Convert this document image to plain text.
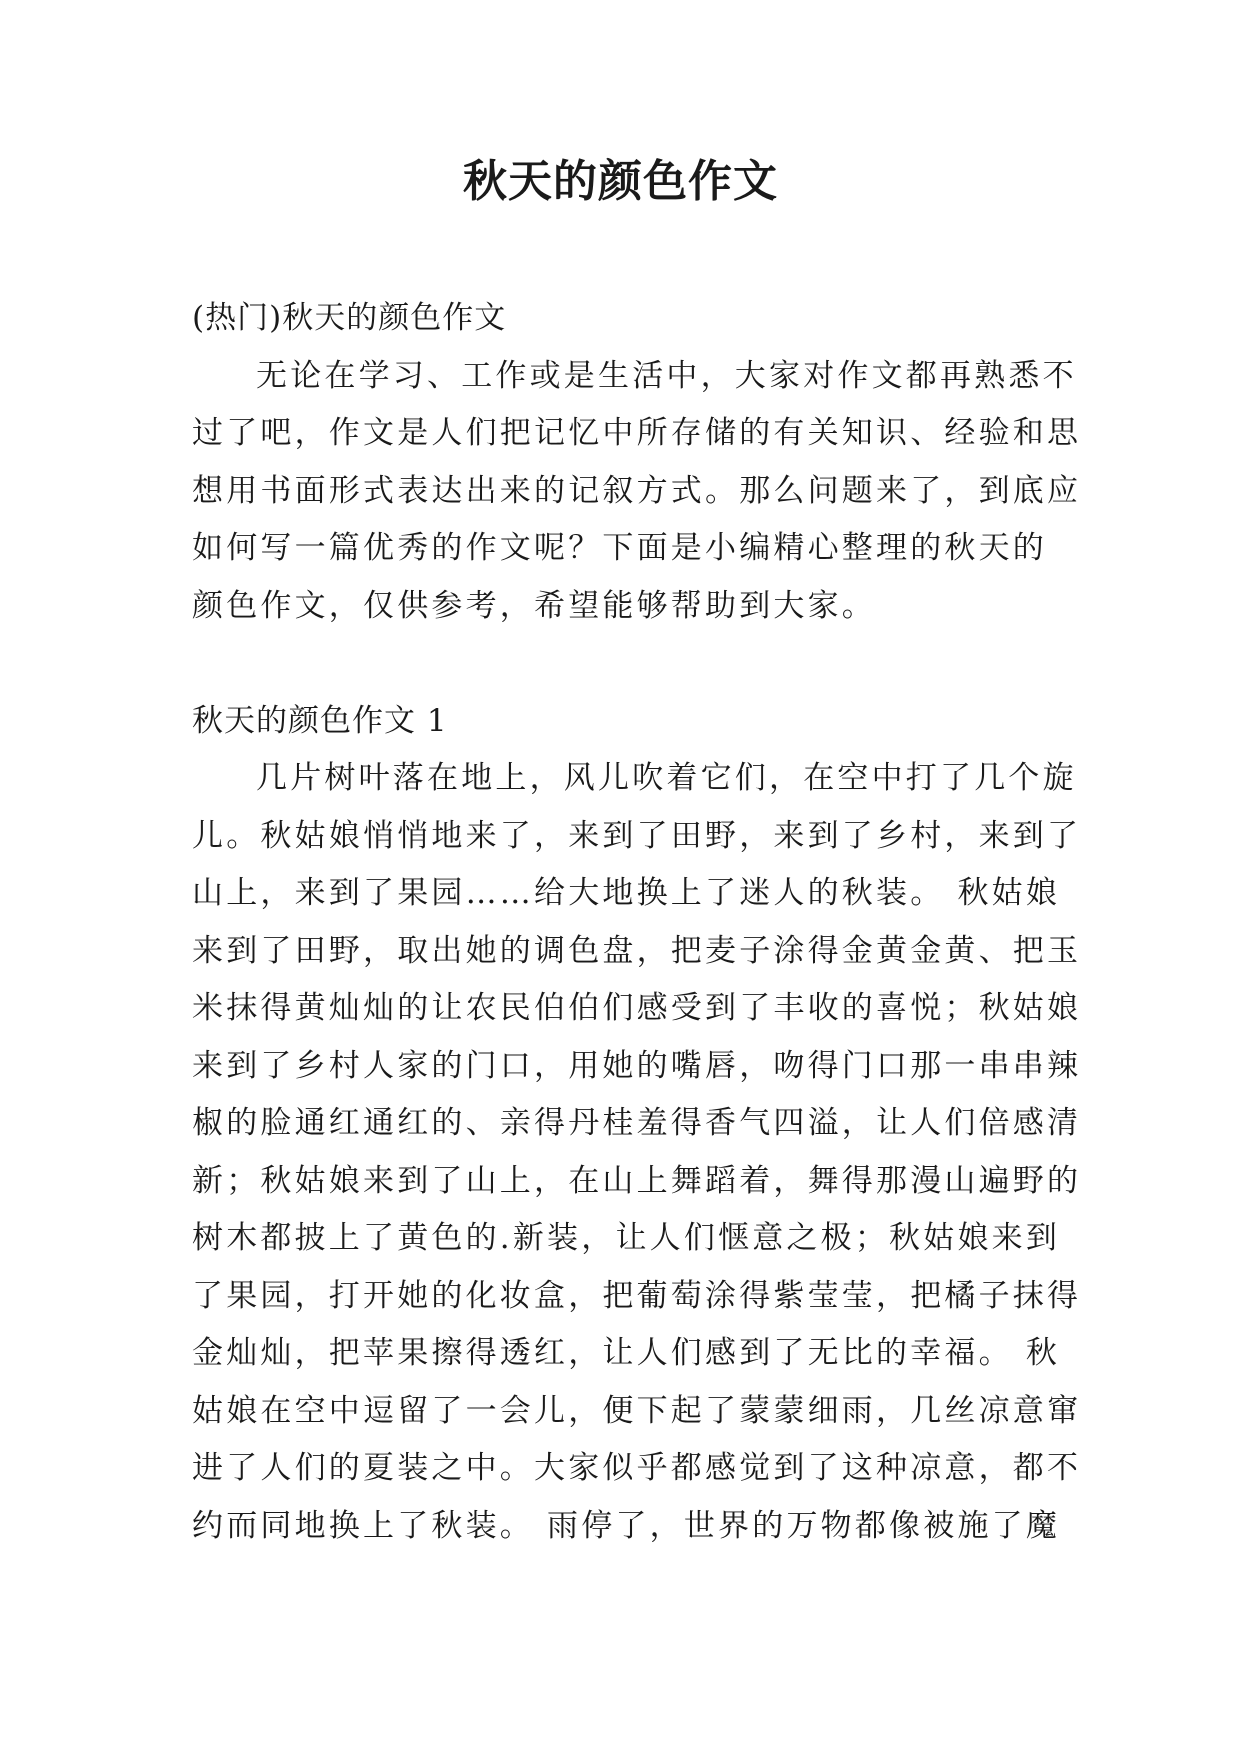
秋天的颜色作文
(热门)秋天的颜色作文
无论在学习、工作或是生活中，大家对作文都再熟悉不
过了吧，作文是人们把记忆中所存储的有关知识、经验和思
想用书面形式表达出来的记叙方式。那么问题来了，到底应
如何写一篇优秀的作文呢？下面是小编精心整理的秋天的
颜色作文，仅供参考，希望能够帮助到大家。
秋天的颜色作文 1
几片树叶落在地上，风儿吹着它们，在空中打了几个旋
儿。秋姑娘悄悄地来了，来到了田野，来到了乡村，来到了
山上，来到了果园……给大地换上了迷人的秋装。 秋姑娘
来到了田野，取出她的调色盘，把麦子涂得金黄金黄、把玉
米抹得黄灿灿的让农民伯伯们感受到了丰收的喜悦；秋姑娘
来到了乡村人家的门口，用她的嘴唇，吻得门口那一串串辣
椒的脸通红通红的、亲得丹桂羞得香气四溢，让人们倍感清
新；秋姑娘来到了山上，在山上舞蹈着，舞得那漫山遍野的
树木都披上了黄色的.新装，让人们惬意之极；秋姑娘来到
了果园，打开她的化妆盒，把葡萄涂得紫莹莹，把橘子抹得
金灿灿，把苹果擦得透红，让人们感到了无比的幸福。 秋
姑娘在空中逗留了一会儿，便下起了蒙蒙细雨，几丝凉意窜
进了人们的夏装之中。大家似乎都感觉到了这种凉意，都不
约而同地换上了秋装。 雨停了，世界的万物都像被施了魔
